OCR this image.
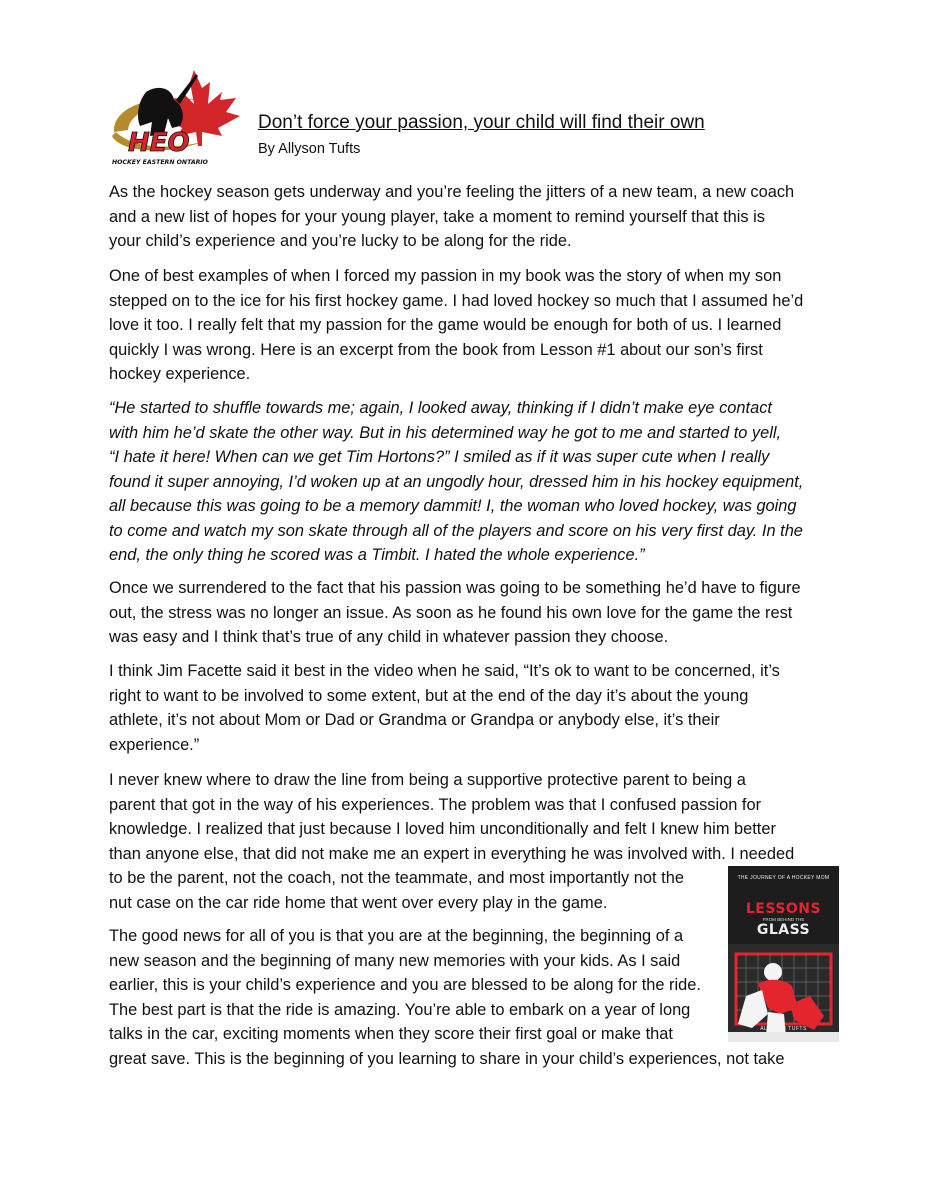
HEO
HOCKEY EASTERN ONTARIO
Don’t force your passion, your child will find their own
By Allyson Tufts

As the hockey season gets underway and you’re feeling the jitters of a new team, a new coach
and a new list of hopes for your young player, take a moment to remind yourself that this is
your child’s experience and you’re lucky to be along for the ride.

One of best examples of when I forced my passion in my book was the story of when my son
stepped on to the ice for his first hockey game. I had loved hockey so much that I assumed he’d
love it too. I really felt that my passion for the game would be enough for both of us. I learned
quickly I was wrong. Here is an excerpt from the book from Lesson #1 about our son’s first
hockey experience.

“He started to shuffle towards me; again, I looked away, thinking if I didn’t make eye contact
with him he’d skate the other way. But in his determined way he got to me and started to yell,
“I hate it here! When can we get Tim Hortons?” I smiled as if it was super cute when I really
found it super annoying, I’d woken up at an ungodly hour, dressed him in his hockey equipment,
all because this was going to be a memory dammit! I, the woman who loved hockey, was going
to come and watch my son skate through all of the players and score on his very first day. In the
end, the only thing he scored was a Timbit. I hated the whole experience.”

Once we surrendered to the fact that his passion was going to be something he’d have to figure
out, the stress was no longer an issue. As soon as he found his own love for the game the rest
was easy and I think that’s true of any child in whatever passion they choose.

I think Jim Facette said it best in the video when he said, “It’s ok to want to be concerned, it’s
right to want to be involved to some extent, but at the end of the day it’s about the young
athlete, it’s not about Mom or Dad or Grandma or Grandpa or anybody else, it’s their
experience.”

I never knew where to draw the line from being a supportive protective parent to being a
parent that got in the way of his experiences. The problem was that I confused passion for
knowledge. I realized that just because I loved him unconditionally and felt I knew him better
than anyone else, that did not make me an expert in everything he was involved with. I needed
to be the parent, not the coach, not the teammate, and most importantly not the
nut case on the car ride home that went over every play in the game.

The good news for all of you is that you are at the beginning, the beginning of a
new season and the beginning of many new memories with your kids. As I said
earlier, this is your child’s experience and you are blessed to be along for the ride.
The best part is that the ride is amazing. You’re able to embark on a year of long
talks in the car, exciting moments when they score their first goal or make that
great save. This is the beginning of you learning to share in your child’s experiences, not take

THE JOURNEY OF A HOCKEY MOM
LESSONS
FROM BEHIND THE
GLASS
ALLYSON TUFTS
